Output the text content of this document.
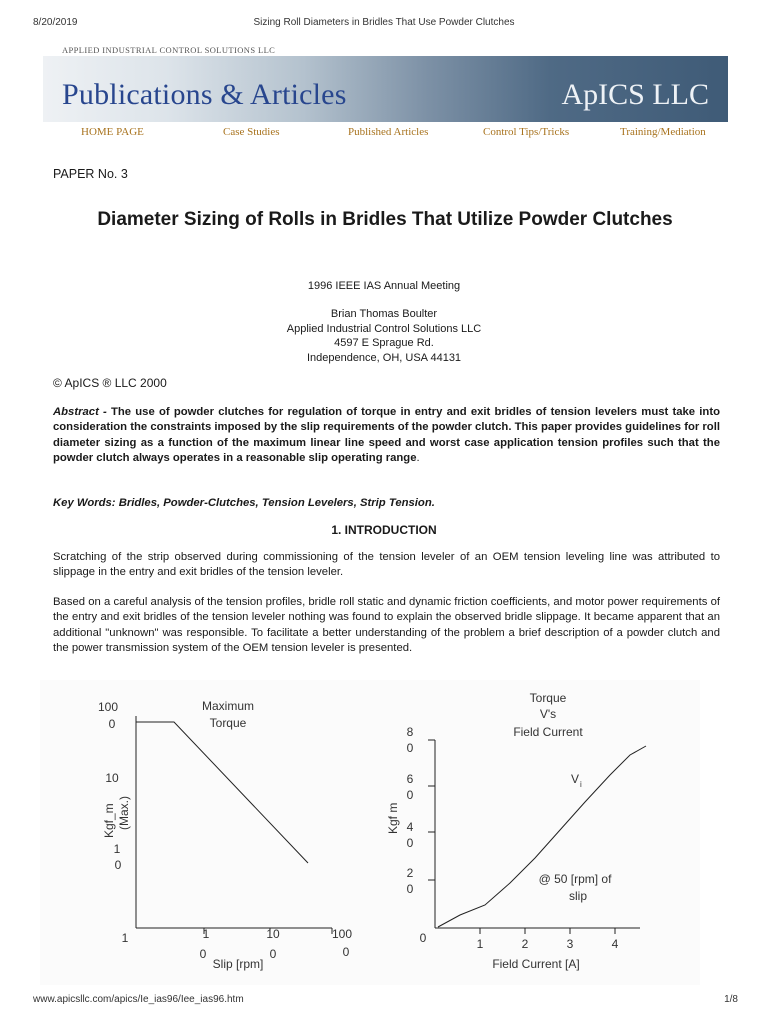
8/20/2019	Sizing Roll Diameters in Bridles That Use Powder Clutches
APPLIED INDUSTRIAL CONTROL SOLUTIONS LLC
Publications & Articles	ApICS LLC
HOME PAGE	Case Studies	Published Articles	Control Tips/Tricks	Training/Mediation
PAPER No. 3
Diameter Sizing of Rolls in Bridles That Utilize Powder Clutches
1996 IEEE IAS Annual Meeting
Brian Thomas Boulter
Applied Industrial Control Solutions LLC
4597 E Sprague Rd.
Independence, OH, USA 44131
© ApICS ® LLC 2000
Abstract - The use of powder clutches for regulation of torque in entry and exit bridles of tension levelers must take into consideration the constraints imposed by the slip requirements of the powder clutch. This paper provides guidelines for roll diameter sizing as a function of the maximum linear line speed and worst case application tension profiles such that the powder clutch always operates in a reasonable slip operating range.
Key Words: Bridles, Powder-Clutches, Tension Levelers, Strip Tension.
1. INTRODUCTION
Scratching of the strip observed during commissioning of the tension leveler of an OEM tension leveling line was attributed to slippage in the entry and exit bridles of the tension leveler.
Based on a careful analysis of the tension profiles, bridle roll static and dynamic friction coefficients, and motor power requirements of the entry and exit bridles of the tension leveler nothing was found to explain the observed bridle slippage. It became apparent that an additional "unknown" was responsible. To facilitate a better understanding of the problem a brief description of a powder clutch and the power transmission system of the OEM tension leveler is presented.
Maximum
Torque
100
0
10
1
0
Kgf_m (Max.)
1	1
0
10
0
100
0
Slip [rpm]
Torque
V's
Field Current
Kgf m
8
0
6
0
4
0
2
0
0	1	2	3	4
Field Current [A]
V i
@ 50 [rpm] of
slip
www.apicsllc.com/apics/Ie_ias96/Iee_ias96.htm	1/8
